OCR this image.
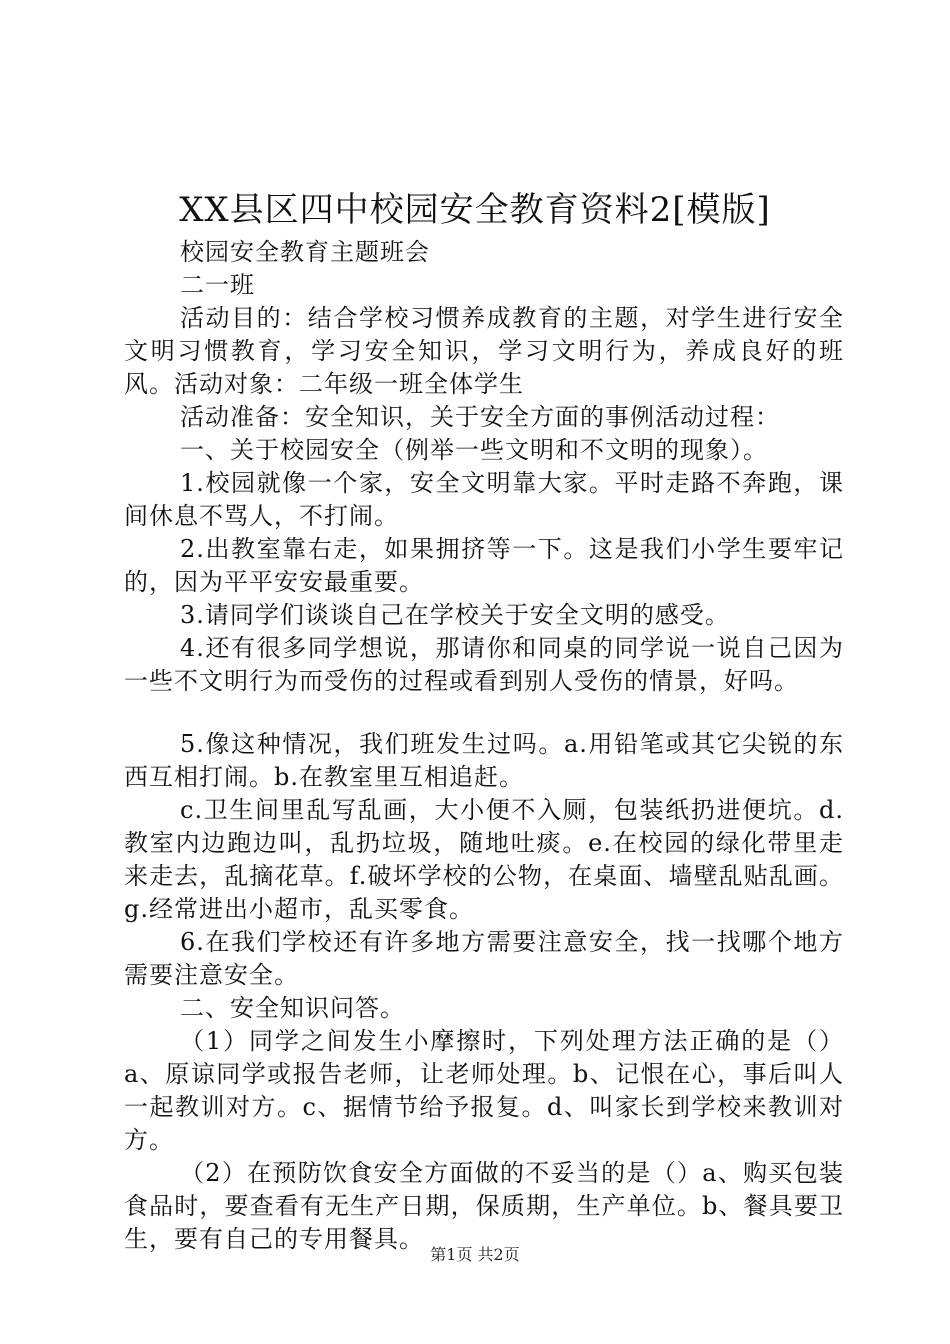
XX县区四中校园安全教育资料2[模版]

校园安全教育主题班会

二一班

活动目的：结合学校习惯养成教育的主题，对学生进行安全文明习惯教育，学习安全知识，学习文明行为，养成良好的班风。活动对象：二年级一班全体学生

活动准备：安全知识，关于安全方面的事例活动过程：

一、关于校园安全（例举一些文明和不文明的现象）。

1.校园就像一个家，安全文明靠大家。平时走路不奔跑，课间休息不骂人，不打闹。

2.出教室靠右走，如果拥挤等一下。这是我们小学生要牢记的，因为平平安安最重要。

3.请同学们谈谈自己在学校关于安全文明的感受。

4.还有很多同学想说，那请你和同桌的同学说一说自己因为一些不文明行为而受伤的过程或看到别人受伤的情景，好吗。

5.像这种情况，我们班发生过吗。a.用铅笔或其它尖锐的东西互相打闹。b.在教室里互相追赶。

c.卫生间里乱写乱画，大小便不入厕，包装纸扔进便坑。d.教室内边跑边叫，乱扔垃圾，随地吐痰。e.在校园的绿化带里走来走去，乱摘花草。f.破坏学校的公物，在桌面、墙壁乱贴乱画。g.经常进出小超市，乱买零食。

6.在我们学校还有许多地方需要注意安全，找一找哪个地方需要注意安全。

二、安全知识问答。

（1）同学之间发生小摩擦时，下列处理方法正确的是（）a、原谅同学或报告老师，让老师处理。b、记恨在心，事后叫人一起教训对方。c、据情节给予报复。d、叫家长到学校来教训对方。

（2）在预防饮食安全方面做的不妥当的是（）a、购买包装食品时，要查看有无生产日期，保质期，生产单位。b、餐具要卫生，要有自己的专用餐具。

第1页 共2页
